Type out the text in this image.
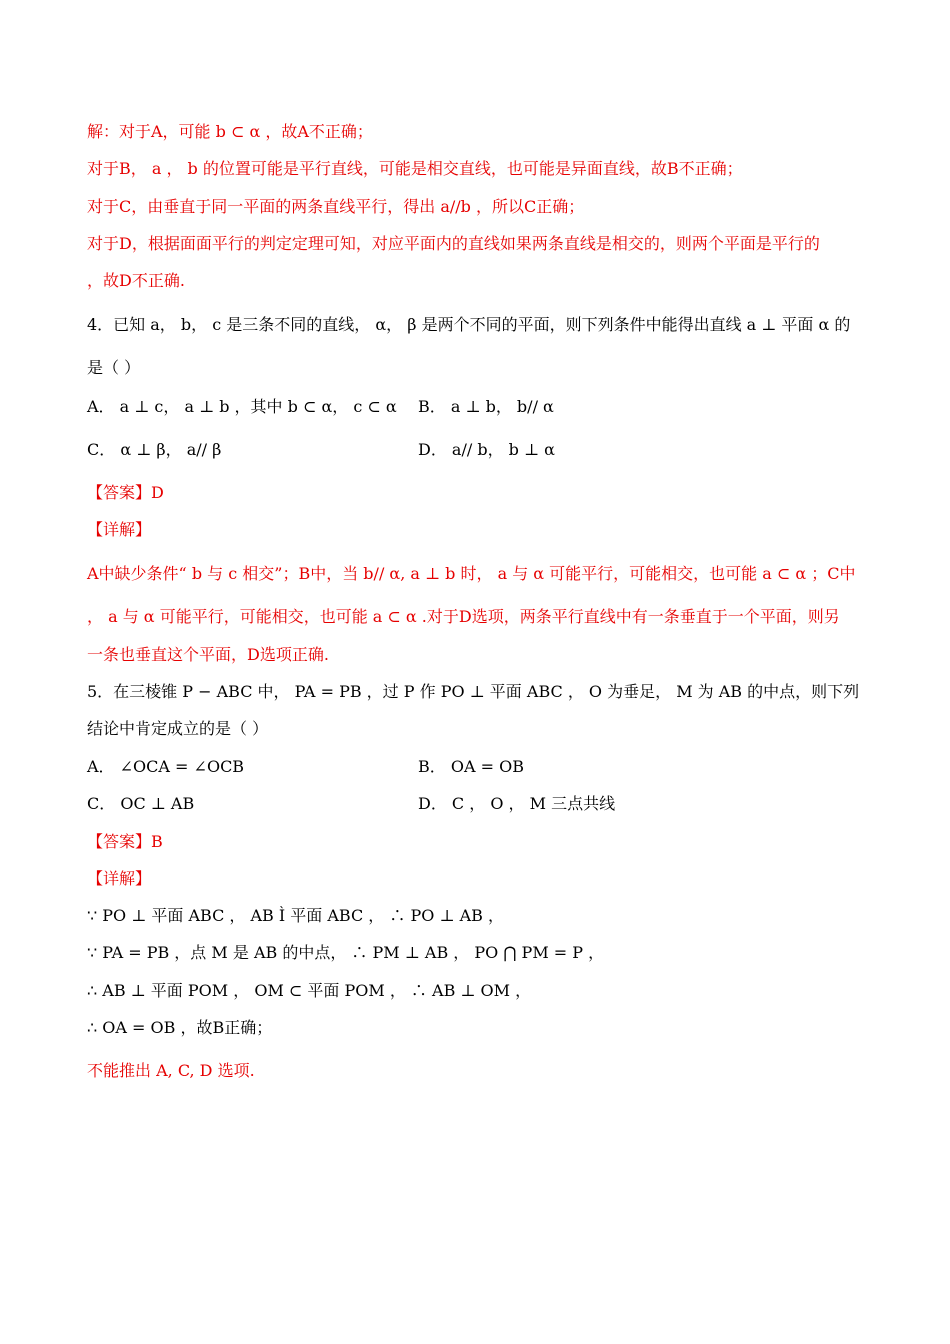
解：对于A，可能 b ⊂ α ，故A不正确；

对于B， a ， b 的位置可能是平行直线，可能是相交直线，也可能是异面直线，故B不正确；

对于C，由垂直于同一平面的两条直线平行，得出 a//b ，所以C正确；

对于D，根据面面平行的判定定理可知，对应平面内的直线如果两条直线是相交的，则两个平面是平行的

，故D不正确.

4．已知 a， b， c 是三条不同的直线， α， β 是两个不同的平面，则下列条件中能得出直线 a ⊥ 平面 α 的

是（ ）

A． a ⊥ c， a ⊥ b ，其中 b ⊂ α， c ⊂ α B． a ⊥ b， b// α

C． α ⊥ β， a// β	D． a// b， b ⊥ α

【答案】D

【详解】

A中缺少条件“ b 与 c 相交”；B中，当 b// α, a ⊥ b 时， a 与 α 可能平行，可能相交，也可能 a ⊂ α ；C中

， a 与 α 可能平行，可能相交，也可能 a ⊂ α .对于D选项，两条平行直线中有一条垂直于一个平面，则另

一条也垂直这个平面，D选项正确.

5．在三棱锥 P − ABC 中， PA = PB ，过 P 作 PO ⊥ 平面 ABC ， O 为垂足， M 为 AB 的中点，则下列

结论中肯定成立的是（ ）

A． ∠OCA = ∠OCB	B． OA = OB

C． OC ⊥ AB	D． C ， O ， M 三点共线

【答案】B

【详解】

∵ PO ⊥ 平面 ABC ， AB Ì 平面 ABC ， ∴ PO ⊥ AB ，

∵ PA = PB ，点 M 是 AB 的中点， ∴ PM ⊥ AB ， PO ⋂ PM = P ，

∴ AB ⊥ 平面 POM ， OM ⊂ 平面 POM ， ∴ AB ⊥ OM ，

∴ OA = OB ，故B正确；

不能推出 A, C, D 选项.
